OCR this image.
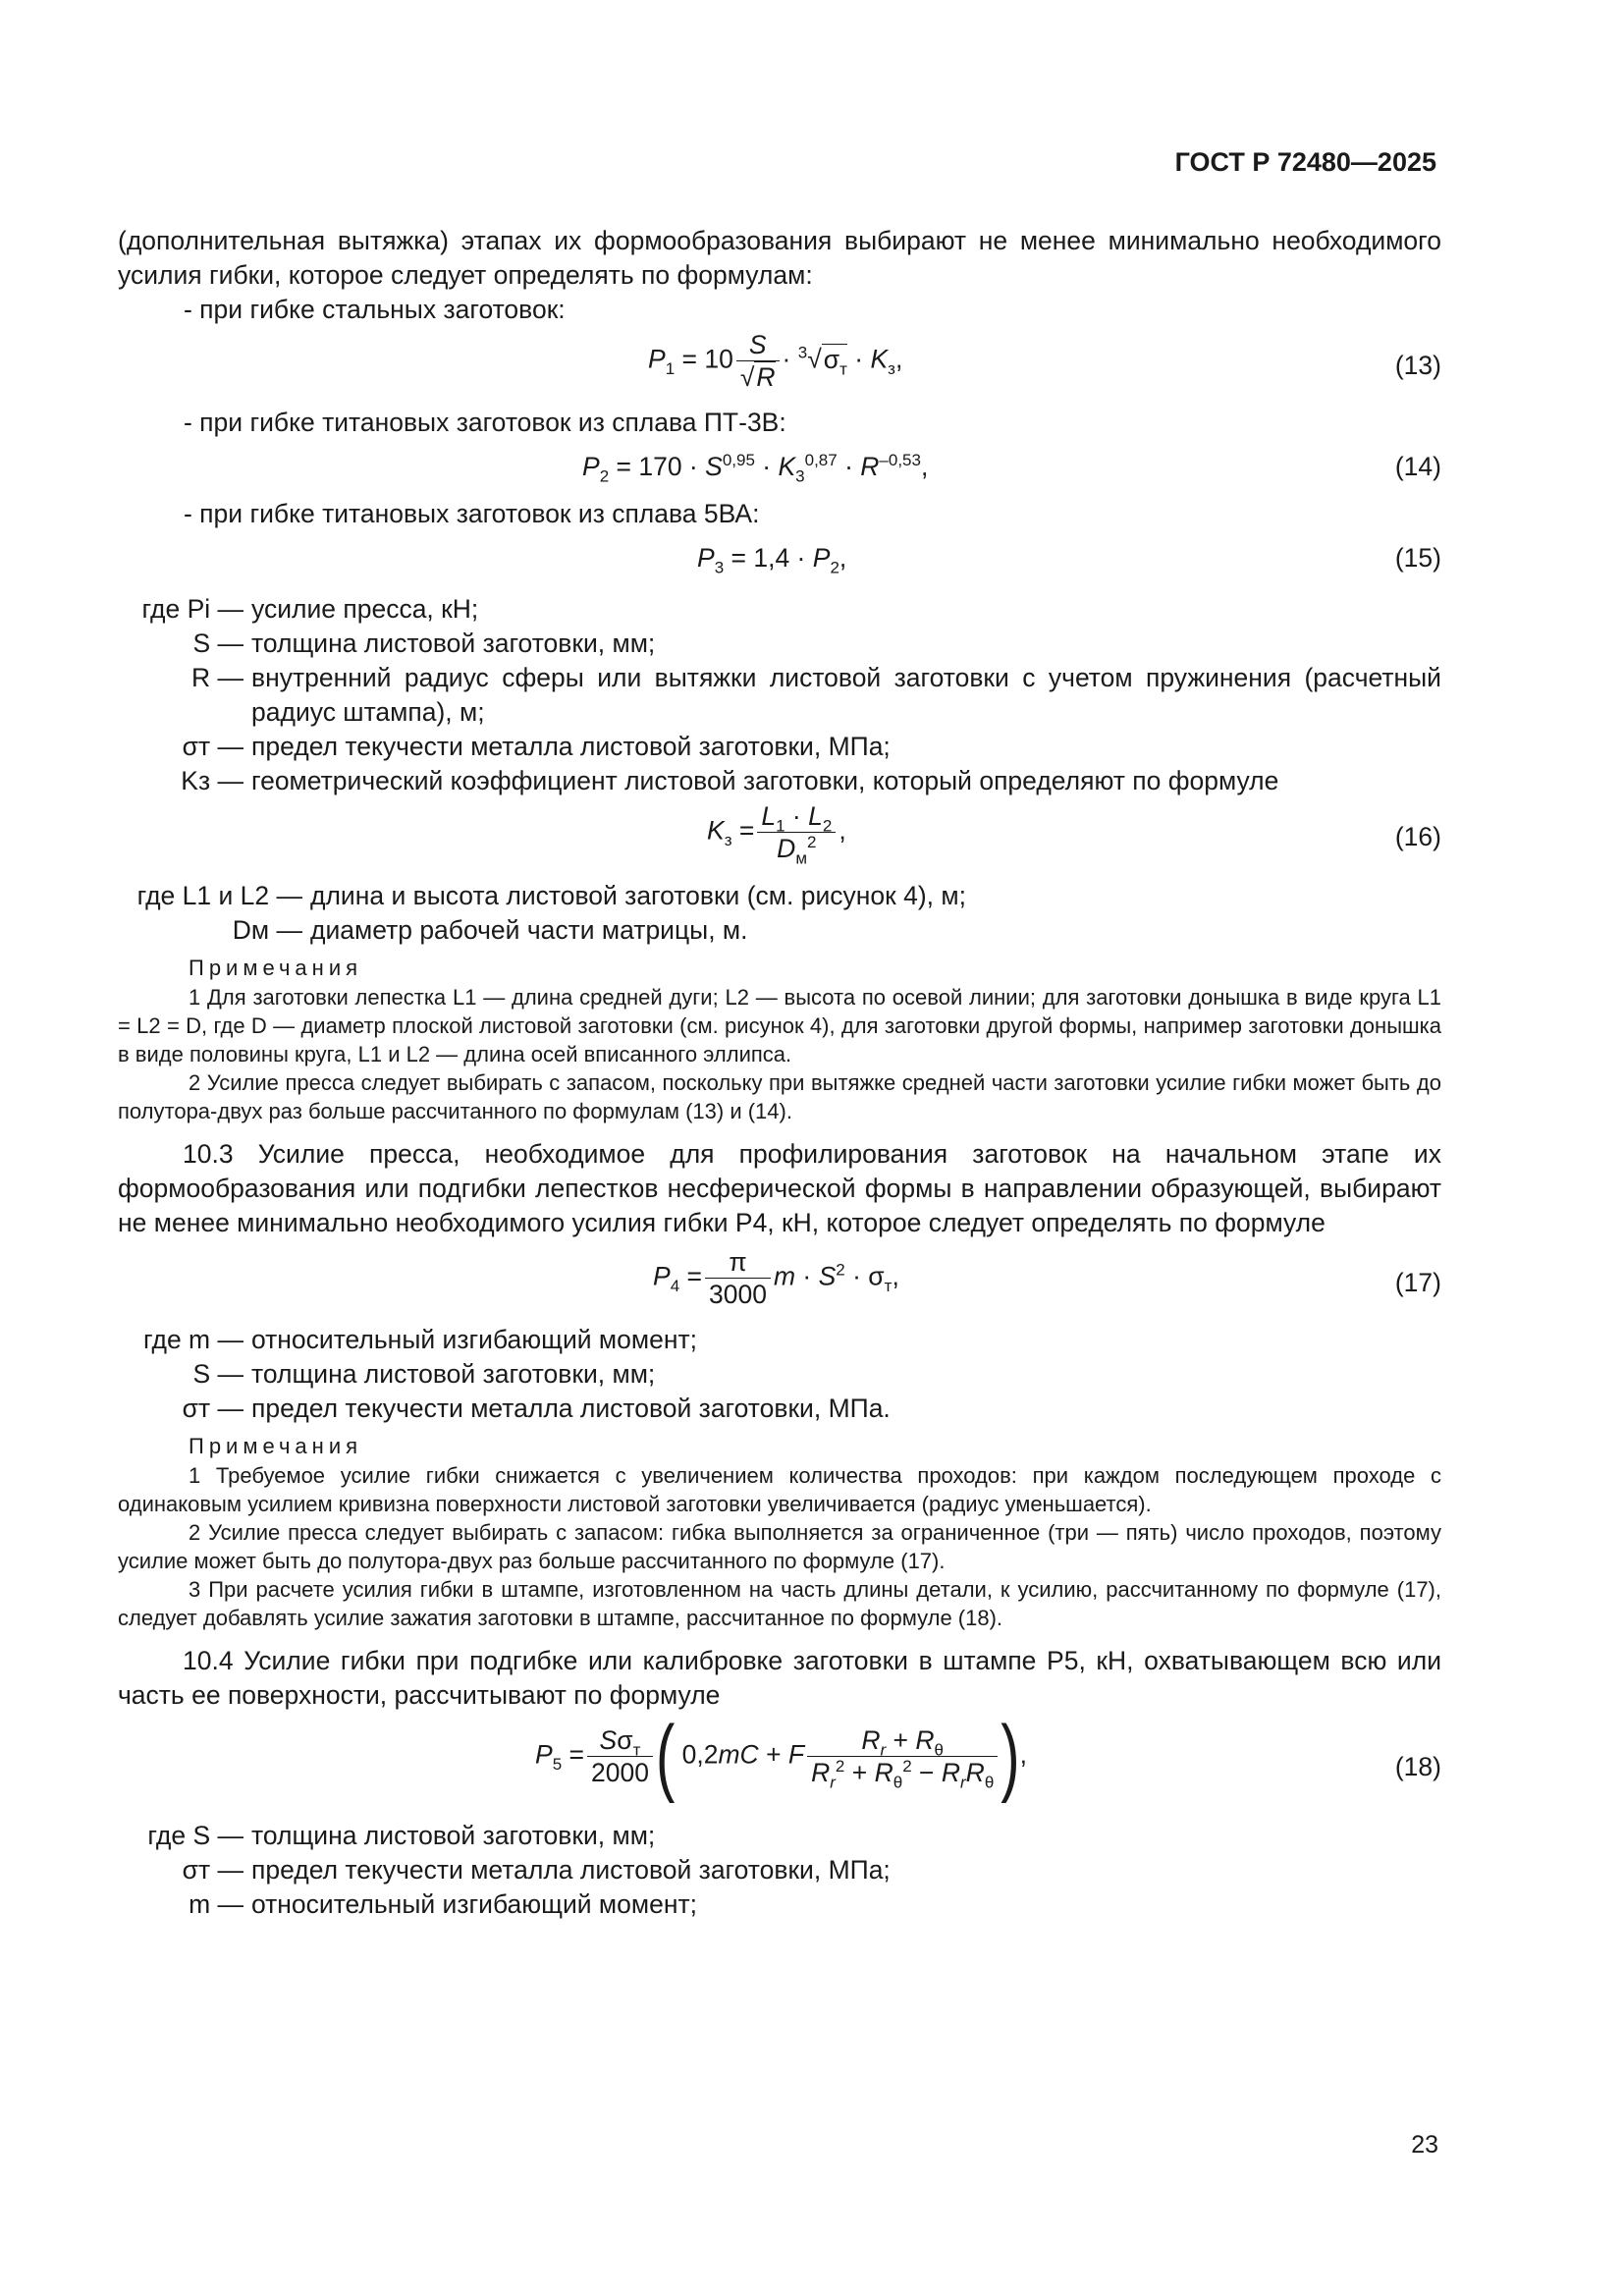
ГОСТ Р 72480—2025

(дополнительная вытяжка) этапах их формообразования выбирают не менее минимально необходимого усилия гибки, которое следует определять по формулам:

- при гибке стальных заготовок:

$P_1 = 10 \frac{S}{√R} \cdot ^3√\sigma_т \cdot K_з$,	(13)

- при гибке титановых заготовок из сплава ПТ-3В:

$P_2 = 170 \cdot S^{0,95} \cdot K_3^{0,87} \cdot R^{-0,53}$,	(14)

- при гибке титановых заготовок из сплава 5ВА:

$P_3 = 1,4 \cdot P_2$,	(15)
где Pi — усилие пресса, кН;
S — толщина листовой заготовки, мм;
R — внутренний радиус сферы или вытяжки листовой заготовки с учетом пружинения (расчетный радиус штампа), м;
σт — предел текучести металла листовой заготовки, МПа;
Kз — геометрический коэффициент листовой заготовки, который определяют по формуле
$K_з = \frac{L_1 \cdot L_2}{D_м^2}$ ,	(16)
где L1 и L2 — длина и высота листовой заготовки (см. рисунок 4), м;
Dм — диаметр рабочей части матрицы, м.
Примечания

1 Для заготовки лепестка L1 — длина средней дуги; L2 — высота по осевой линии; для заготовки донышка в виде круга L1 = L2 = D, где D — диаметр плоской листовой заготовки (см. рисунок 4), для заготовки другой формы, например заготовки донышка в виде половины круга, L1 и L2 — длина осей вписанного эллипса.

2 Усилие пресса следует выбирать с запасом, поскольку при вытяжке средней части заготовки усилие гибки может быть до полутора-двух раз больше рассчитанного по формулам (13) и (14).

10.3 Усилие пресса, необходимое для профилирования заготовок на начальном этапе их формообразования или подгибки лепестков несферической формы в направлении образующей, выбирают не менее минимально необходимого усилия гибки P4, кН, которое следует определять по формуле

$P_4 = \frac{\pi}{3000}$ $m \cdot S^2 \cdot \sigma_т$,	(17)
где m — относительный изгибающий момент;
S — толщина листовой заготовки, мм;
σт — предел текучести металла листовой заготовки, МПа.
Примечания

1 Требуемое усилие гибки снижается с увеличением количества проходов: при каждом последующем проходе с одинаковым усилием кривизна поверхности листовой заготовки увеличивается (радиус уменьшается).

2 Усилие пресса следует выбирать с запасом: гибка выполняется за ограниченное (три — пять) число проходов, поэтому усилие может быть до полутора-двух раз больше рассчитанного по формуле (17).

3 При расчете усилия гибки в штампе, изготовленном на часть длины детали, к усилию, рассчитанному по формуле (17), следует добавлять усилие зажатия заготовки в штампе, рассчитанное по формуле (18).

10.4 Усилие гибки при подгибке или калибровке заготовки в штампе P5, кН, охватывающем всю или часть ее поверхности, рассчитывают по формуле

$P_5 = \frac{S\sigma_т}{2000}$ ( 0,2mC + F $\frac{R_r + R_\theta}{R_r^2 + R_\theta^2 - R_rR_\theta}$ ),	(18)
где S — толщина листовой заготовки, мм;
σт — предел текучести металла листовой заготовки, МПа;
m — относительный изгибающий момент;
23
